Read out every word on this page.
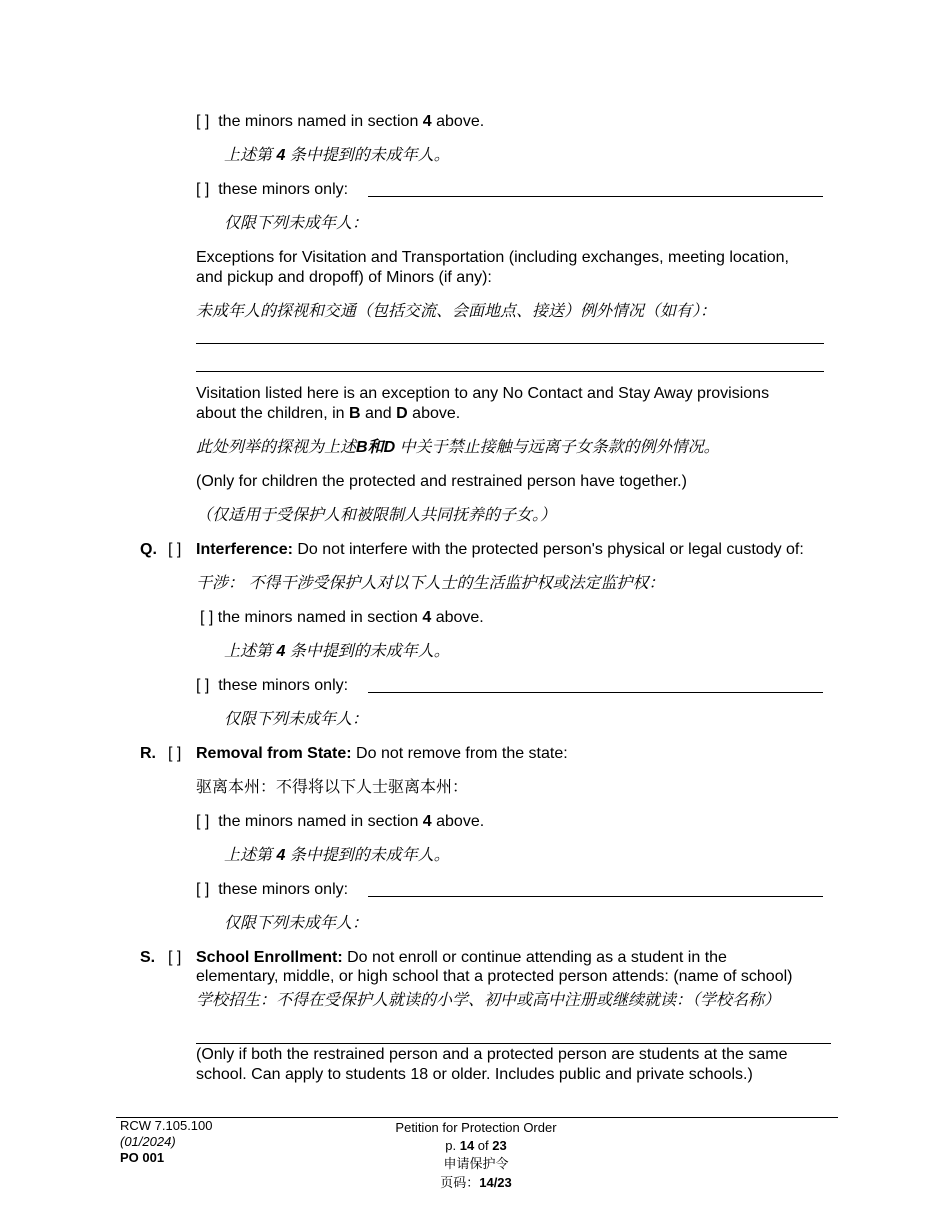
[ ] the minors named in section 4 above.
上述第 4 条中提到的未成年人。
[ ] these minors only:
仅限下列未成年人：
Exceptions for Visitation and Transportation (including exchanges, meeting location,
and pickup and dropoff) of Minors (if any):
未成年人的探视和交通（包括交流、会面地点、接送）例外情况（如有）：
Visitation listed here is an exception to any No Contact and Stay Away provisions
about the children, in B and D above.
此处列举的探视为上述B和D 中关于禁止接触与远离子女条款的例外情况。
(Only for children the protected and restrained person have together.)
（仅适用于受保护人和被限制人共同抚养的子女。）
Q. [ ] Interference: Do not interfere with the protected person's physical or legal custody of:
干涉： 不得干涉受保护人对以下人士的生活监护权或法定监护权：
[ ] the minors named in section 4 above.
上述第 4 条中提到的未成年人。
[ ] these minors only:
仅限下列未成年人：
R. [ ] Removal from State: Do not remove from the state:
驱离本州：不得将以下人士驱离本州：
[ ] the minors named in section 4 above.
上述第 4 条中提到的未成年人。
[ ] these minors only:
仅限下列未成年人：
S. [ ] School Enrollment: Do not enroll or continue attending as a student in the
elementary, middle, or high school that a protected person attends: (name of school)
学校招生：不得在受保护人就读的小学、初中或高中注册或继续就读：（学校名称）
(Only if both the restrained person and a protected person are students at the same
school. Can apply to students 18 or older. Includes public and private schools.)
RCW 7.105.100
(01/2024)
PO 001
Petition for Protection Order
p. 14 of 23
申请保护令
页码：14/23
